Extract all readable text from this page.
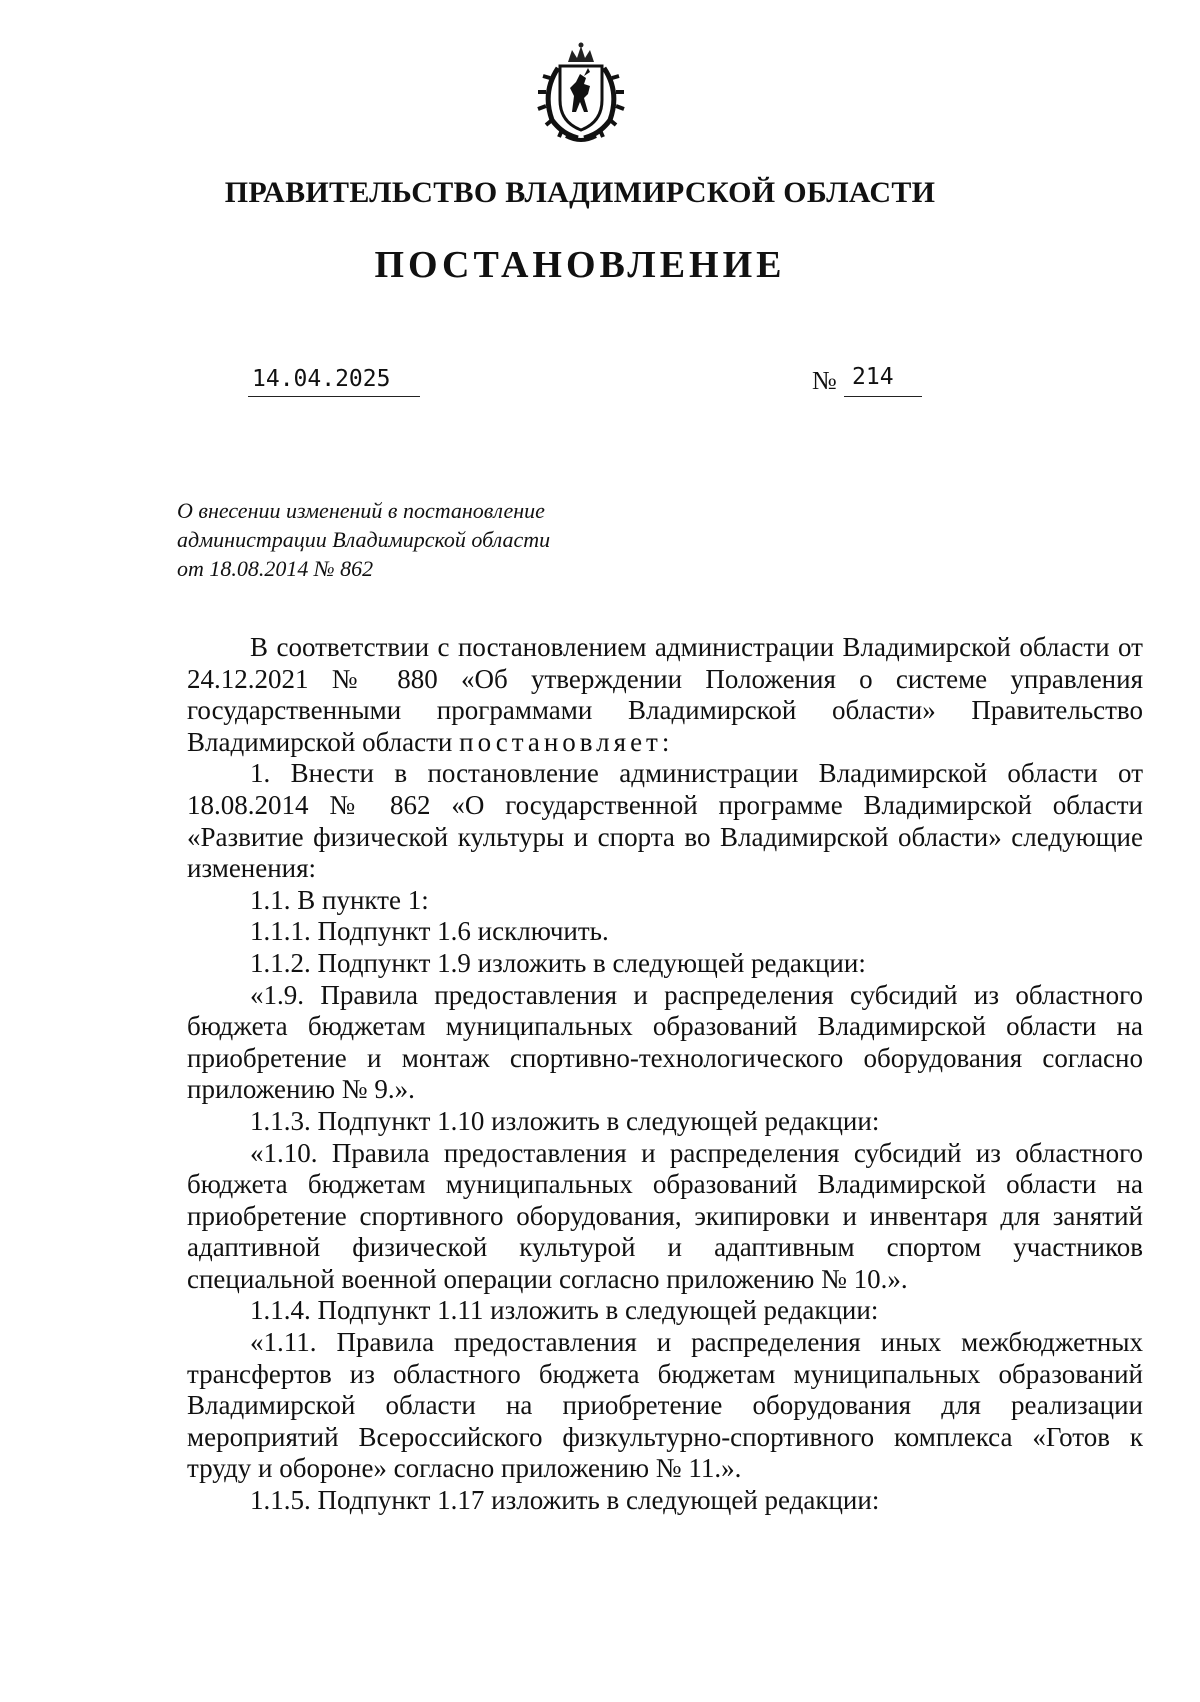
ПРАВИТЕЛЬСТВО ВЛАДИМИРСКОЙ ОБЛАСТИ
ПОСТАНОВЛЕНИЕ
14.04.2025	№ 214
О внесении изменений в постановление
администрации Владимирской области
от 18.08.2014 № 862

В соответствии с постановлением администрации Владимирской области от 24.12.2021 № 880 «Об утверждении Положения о системе управления государственными программами Владимирской области» Правительство Владимирской области постановляет:

1. Внести в постановление администрации Владимирской области от 18.08.2014 № 862 «О государственной программе Владимирской области «Развитие физической культуры и спорта во Владимирской области» следующие изменения:

1.1. В пункте 1:

1.1.1. Подпункт 1.6 исключить.

1.1.2. Подпункт 1.9 изложить в следующей редакции:

«1.9. Правила предоставления и распределения субсидий из областного бюджета бюджетам муниципальных образований Владимирской области на приобретение и монтаж спортивно-технологического оборудования согласно приложению № 9.».

1.1.3. Подпункт 1.10 изложить в следующей редакции:

«1.10. Правила предоставления и распределения субсидий из областного бюджета бюджетам муниципальных образований Владимирской области на приобретение спортивного оборудования, экипировки и инвентаря для занятий адаптивной физической культурой и адаптивным спортом участников специальной военной операции согласно приложению № 10.».

1.1.4. Подпункт 1.11 изложить в следующей редакции:

«1.11. Правила предоставления и распределения иных межбюджетных трансфертов из областного бюджета бюджетам муниципальных образований Владимирской области на приобретение оборудования для реализации мероприятий Всероссийского физкультурно-спортивного комплекса «Готов к труду и обороне» согласно приложению № 11.».

1.1.5. Подпункт 1.17 изложить в следующей редакции:
